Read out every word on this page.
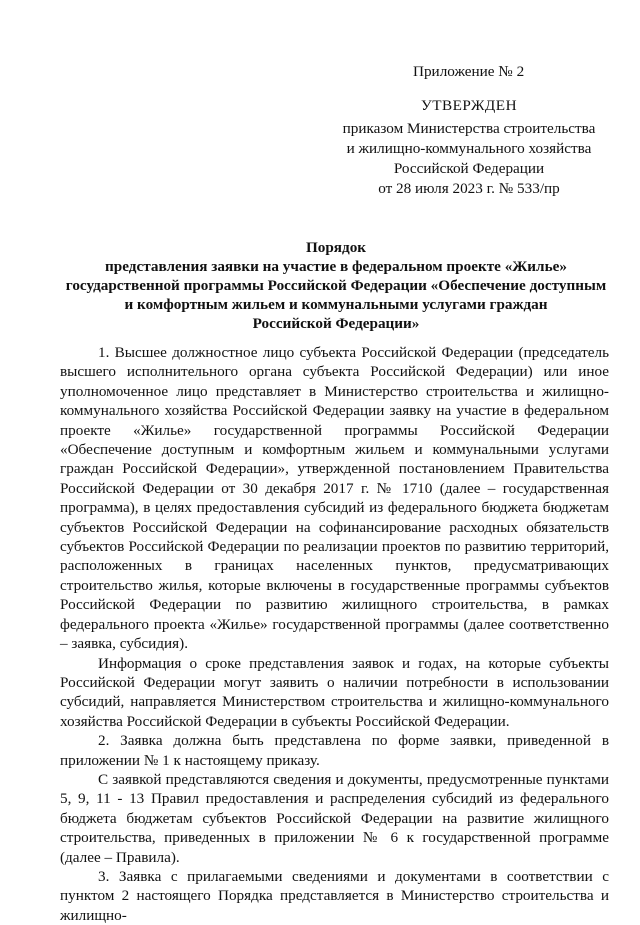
Приложение № 2

УТВЕРЖДЕН

приказом Министерства строительства

и жилищно-коммунального хозяйства

Российской Федерации

от 28 июля 2023 г. № 533/пр

Порядок

представления заявки на участие в федеральном проекте «Жилье»

государственной программы Российской Федерации «Обеспечение доступным

и комфортным жильем и коммунальными услугами граждан

Российской Федерации»

1. Высшее должностное лицо субъекта Российской Федерации (председатель высшего исполнительного органа субъекта Российской Федерации) или иное уполномоченное лицо представляет в Министерство строительства и жилищно-коммунального хозяйства Российской Федерации заявку на участие в федеральном проекте «Жилье» государственной программы Российской Федерации «Обеспечение доступным и комфортным жильем и коммунальными услугами граждан Российской Федерации», утвержденной постановлением Правительства Российской Федерации от 30 декабря 2017 г. № 1710 (далее – государственная программа), в целях предоставления субсидий из федерального бюджета бюджетам субъектов Российской Федерации на софинансирование расходных обязательств субъектов Российской Федерации по реализации проектов по развитию территорий, расположенных в границах населенных пунктов, предусматривающих строительство жилья, которые включены в государственные программы субъектов Российской Федерации по развитию жилищного строительства, в рамках федерального проекта «Жилье» государственной программы (далее соответственно – заявка, субсидия).

Информация о сроке представления заявок и годах, на которые субъекты Российской Федерации могут заявить о наличии потребности в использовании субсидий, направляется Министерством строительства и жилищно-коммунального хозяйства Российской Федерации в субъекты Российской Федерации.

2. Заявка должна быть представлена по форме заявки, приведенной в приложении № 1 к настоящему приказу.

С заявкой представляются сведения и документы, предусмотренные пунктами 5, 9, 11 - 13 Правил предоставления и распределения субсидий из федерального бюджета бюджетам субъектов Российской Федерации на развитие жилищного строительства, приведенных в приложении № 6 к государственной программе (далее – Правила).

3. Заявка с прилагаемыми сведениями и документами в соответствии с пунктом 2 настоящего Порядка представляется в Министерство строительства и жилищно-
